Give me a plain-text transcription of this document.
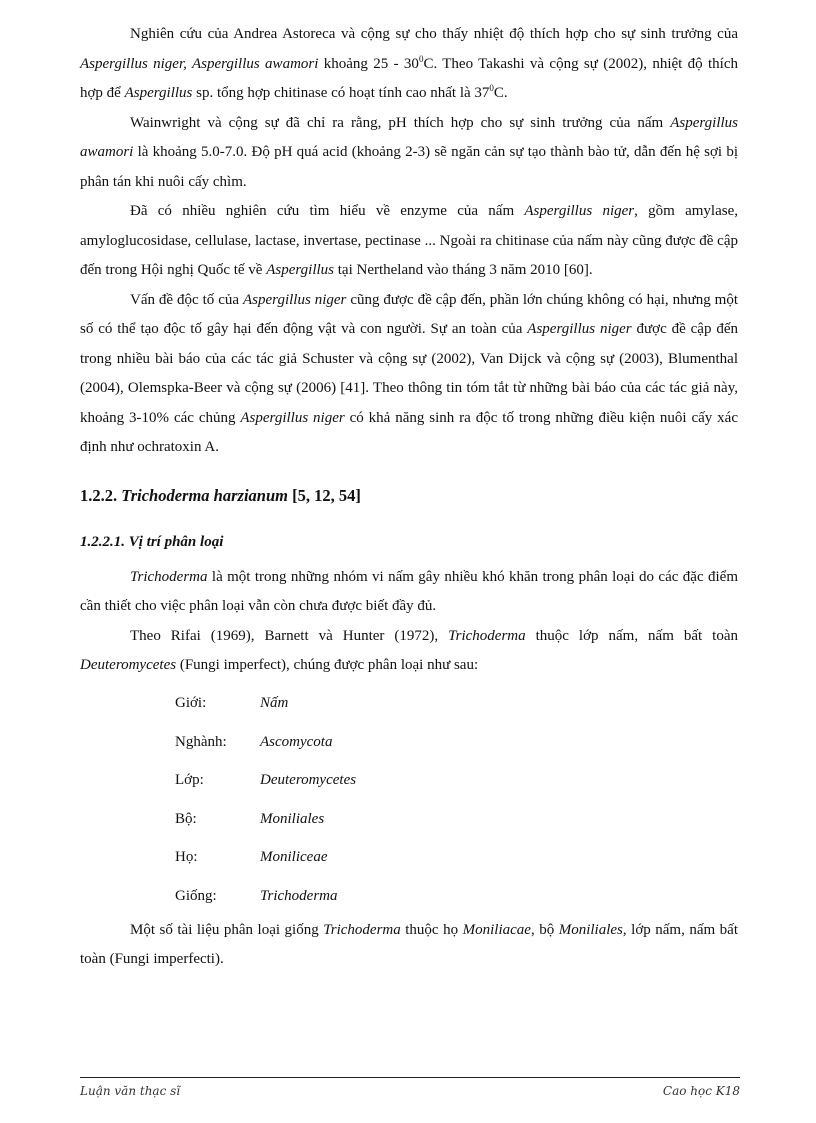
Nghiên cứu của Andrea Astoreca và cộng sự cho thấy nhiệt độ thích hợp cho sự sinh trưởng của Aspergillus niger, Aspergillus awamori khoảng $25 - 30^0C$. Theo Takashi và cộng sự (2002), nhiệt độ thích hợp để Aspergillus sp. tổng hợp chitinase có hoạt tính cao nhất là $37^0C$.

Wainwright và cộng sự đã chỉ ra rằng, pH thích hợp cho sự sinh trưởng của nấm Aspergillus awamori là khoảng 5.0-7.0. Độ pH quá acid (khoảng 2-3) sẽ ngăn cản sự tạo thành bào tử, dẫn đến hệ sợi bị phân tán khi nuôi cấy chìm.

Đã có nhiều nghiên cứu tìm hiểu về enzyme của nấm Aspergillus niger, gồm amylase, amyloglucosidase, cellulase, lactase, invertase, pectinase ... Ngoài ra chitinase của nấm này cũng được đề cập đến trong Hội nghị Quốc tế về Aspergillus tại Nertheland vào tháng 3 năm 2010 [60].

Vấn đề độc tố của Aspergillus niger cũng được đề cập đến, phần lớn chúng không có hại, nhưng một số có thể tạo độc tố gây hại đến động vật và con người. Sự an toàn của Aspergillus niger được đề cập đến trong nhiều bài báo của các tác giả Schuster và cộng sự (2002), Van Dijck và cộng sự (2003), Blumenthal (2004), Olemspka-Beer và cộng sự (2006) [41]. Theo thông tin tóm tắt từ những bài báo của các tác giả này, khoảng 3-10% các chủng Aspergillus niger có khả năng sinh ra độc tố trong những điều kiện nuôi cấy xác định như ochratoxin A.

1.2.2. Trichoderma harzianum [5, 12, 54]
1.2.2.1. Vị trí phân loại

Trichoderma là một trong những nhóm vi nấm gây nhiều khó khăn trong phân loại do các đặc điểm cần thiết cho việc phân loại vẫn còn chưa được biết đầy đủ.

Theo Rifai (1969), Barnett và Hunter (1972), Trichoderma thuộc lớp nấm, nấm bất toàn Deuteromycetes (Fungi imperfect), chúng được phân loại như sau:

Giới:	Nấm
Nghành:	Ascomycota
Lớp:	Deuteromycetes
Bộ:	Moniliales
Họ:	Moniliceae
Giống:	Trichoderma

Một số tài liệu phân loại giống Trichoderma thuộc họ Moniliacae, bộ Moniliales, lớp nấm, nấm bất toàn (Fungi imperfecti).

Luận văn thạc sĩ	Cao học K18
